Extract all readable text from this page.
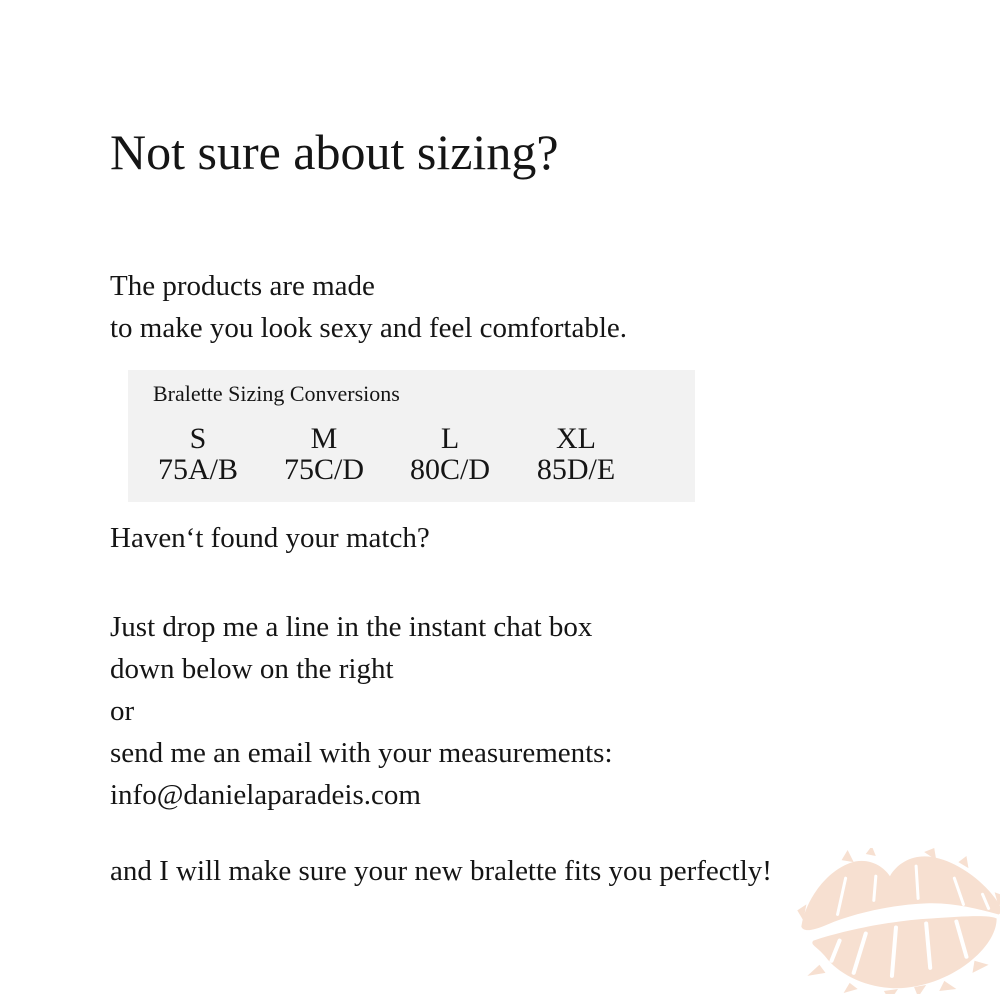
Not sure about sizing?
The products are made
to make you look sexy and feel comfortable.
Bralette Sizing Conversions
S
75A/B
M
75C/D
L
80C/D
XL
85D/E
Haven‘t found your match?
Just drop me a line in the instant chat box
down below on the right
or
send me an email with your measurements:
info@danielaparadeis.com
and I will make sure your new bralette fits you perfectly!
